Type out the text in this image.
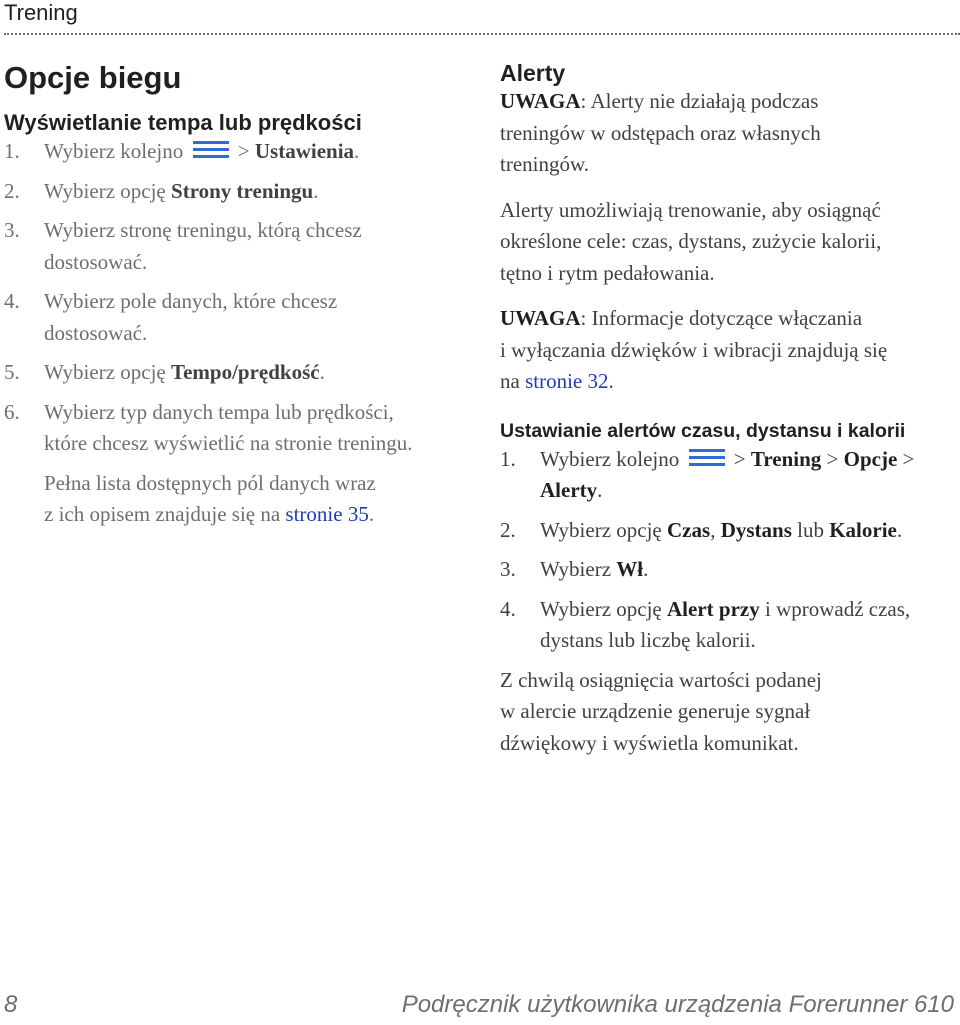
Trening
Opcje biegu
Wyświetlanie tempa lub prędkości
1. Wybierz kolejno
> Ustawienia.
2. Wybierz opcję Strony treningu.
3. Wybierz stronę treningu, którą chcesz
dostosować.
4. Wybierz pole danych, które chcesz
dostosować.
5. Wybierz opcję Tempo/prędkość.
6. Wybierz typ danych tempa lub prędkości,
które chcesz wyświetlić na stronie treningu.
Pełna lista dostępnych pól danych wraz
z ich opisem znajduje się na stronie 35.
Alerty
UWAGA: Alerty nie działają podczas
treningów w odstępach oraz własnych
treningów.
Alerty umożliwiają trenowanie, aby osiągnąć
określone cele: czas, dystans, zużycie kalorii,
tętno i rytm pedałowania.
UWAGA: Informacje dotyczące włączania
i wyłączania dźwięków i wibracji znajdują się
na stronie 32.
Ustawianie alertów czasu, dystansu i kalorii
1. Wybierz kolejno
> Trening > Opcje >
Alerty.
2. Wybierz opcję Czas, Dystans lub Kalorie.
3. Wybierz Wł.
4. Wybierz opcję Alert przy i wprowadź czas,
dystans lub liczbę kalorii.
Z chwilą osiągnięcia wartości podanej
w alercie urządzenie generuje sygnał
dźwiękowy i wyświetla komunikat.
8	Podręcznik użytkownika urządzenia Forerunner 610
